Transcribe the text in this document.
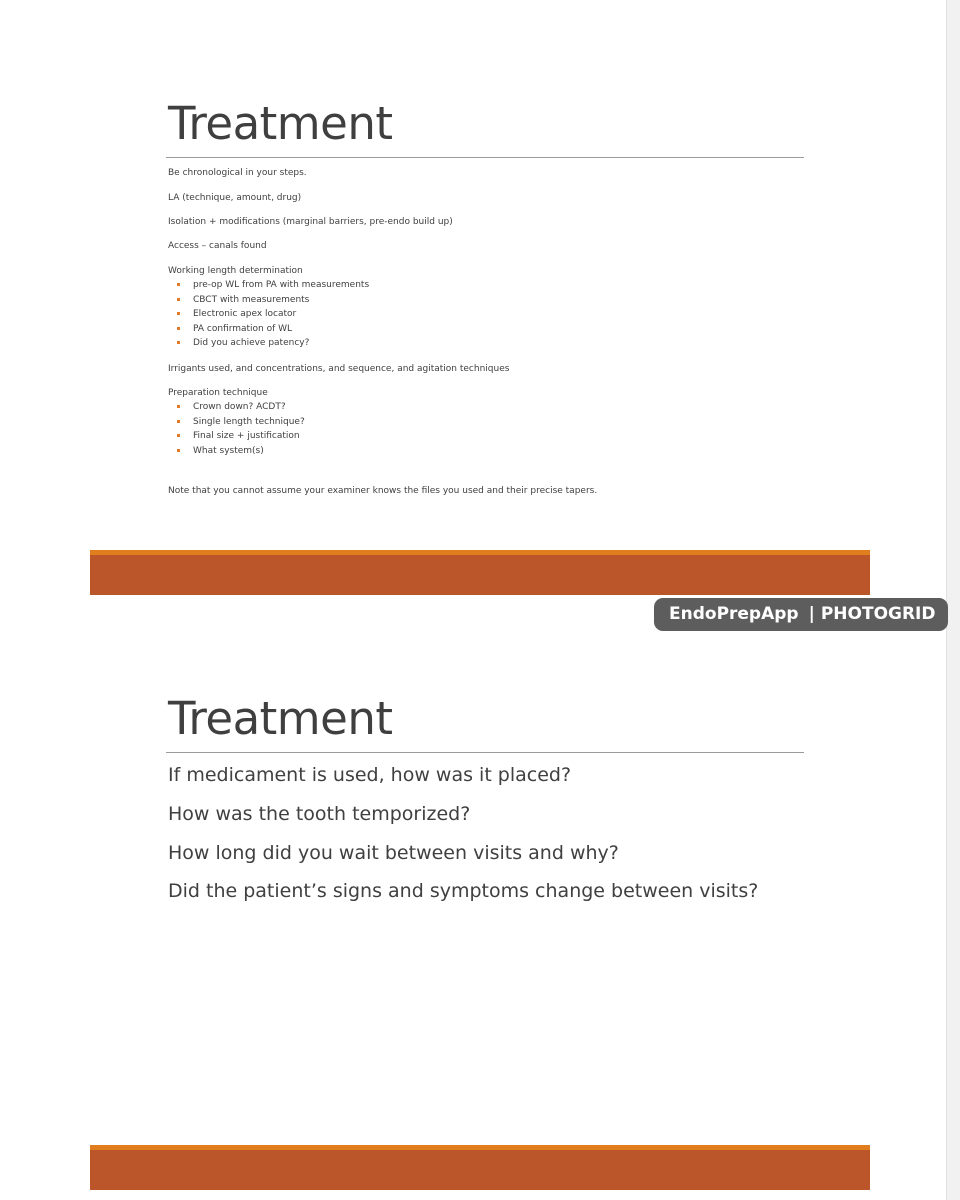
Treatment

Be chronological in your steps.

LA (technique, amount, drug)

Isolation + modifications (marginal barriers, pre-endo build up)

Access – canals found

Working length determination

pre-op WL from PA with measurements
CBCT with measurements
Electronic apex locator
PA confirmation of WL
Did you achieve patency?

Irrigants used, and concentrations, and sequence, and agitation techniques

Preparation technique

Crown down? ACDT?
Single length technique?
Final size + justification
What system(s)

Note that you cannot assume your examiner knows the files you used and their precise tapers.

EndoPrepApp | PHOTOGRID
Treatment

If medicament is used, how was it placed?

How was the tooth temporized?

How long did you wait between visits and why?

Did the patient’s signs and symptoms change between visits?
